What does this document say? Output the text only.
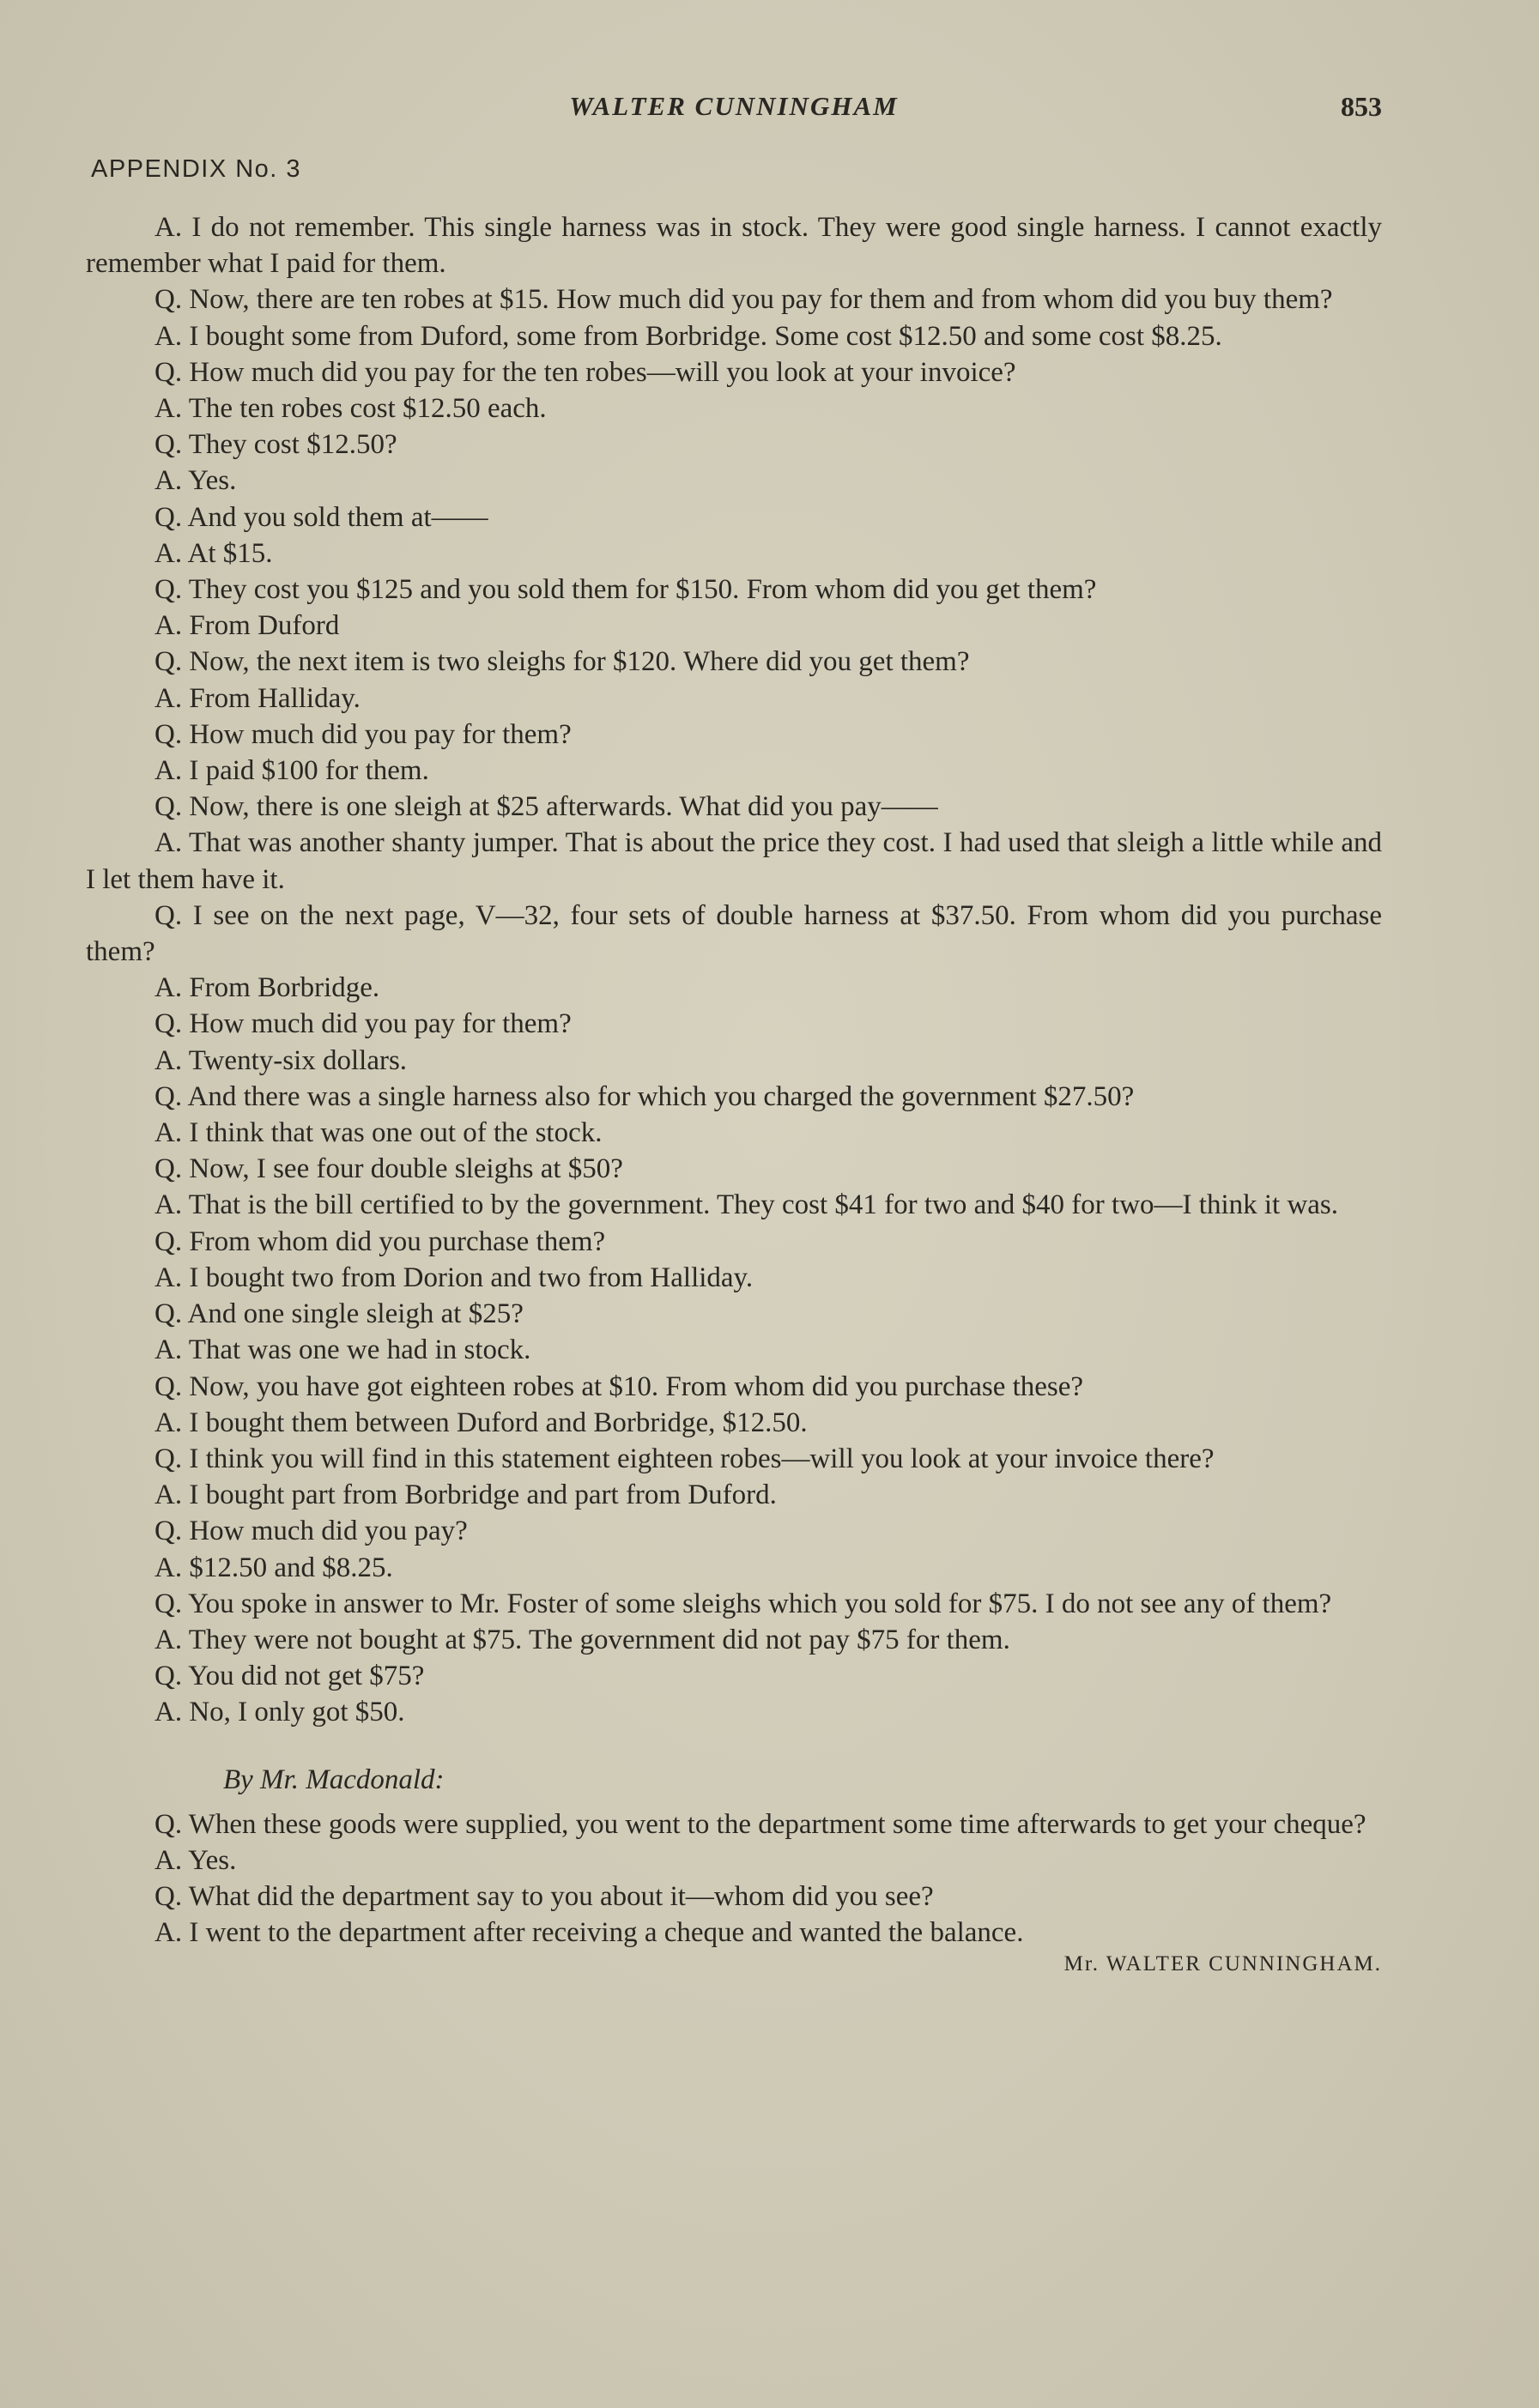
WALTER CUNNINGHAM	853
APPENDIX No. 3

A. I do not remember. This single harness was in stock. They were good single harness. I cannot exactly remember what I paid for them.

Q. Now, there are ten robes at $15. How much did you pay for them and from whom did you buy them?

A. I bought some from Duford, some from Borbridge. Some cost $12.50 and some cost $8.25.

Q. How much did you pay for the ten robes—will you look at your invoice?

A. The ten robes cost $12.50 each.

Q. They cost $12.50?

A. Yes.

Q. And you sold them at——

A. At $15.

Q. They cost you $125 and you sold them for $150. From whom did you get them?

A. From Duford

Q. Now, the next item is two sleighs for $120. Where did you get them?

A. From Halliday.

Q. How much did you pay for them?

A. I paid $100 for them.

Q. Now, there is one sleigh at $25 afterwards. What did you pay——

A. That was another shanty jumper. That is about the price they cost. I had used that sleigh a little while and I let them have it.

Q. I see on the next page, V—32, four sets of double harness at $37.50. From whom did you purchase them?

A. From Borbridge.

Q. How much did you pay for them?

A. Twenty-six dollars.

Q. And there was a single harness also for which you charged the government $27.50?

A. I think that was one out of the stock.

Q. Now, I see four double sleighs at $50?

A. That is the bill certified to by the government. They cost $41 for two and $40 for two—I think it was.

Q. From whom did you purchase them?

A. I bought two from Dorion and two from Halliday.

Q. And one single sleigh at $25?

A. That was one we had in stock.

Q. Now, you have got eighteen robes at $10. From whom did you purchase these?

A. I bought them between Duford and Borbridge, $12.50.

Q. I think you will find in this statement eighteen robes—will you look at your invoice there?

A. I bought part from Borbridge and part from Duford.

Q. How much did you pay?

A. $12.50 and $8.25.

Q. You spoke in answer to Mr. Foster of some sleighs which you sold for $75. I do not see any of them?

A. They were not bought at $75. The government did not pay $75 for them.

Q. You did not get $75?

A. No, I only got $50.

By Mr. Macdonald:

Q. When these goods were supplied, you went to the department some time afterwards to get your cheque?

A. Yes.

Q. What did the department say to you about it—whom did you see?

A. I went to the department after receiving a cheque and wanted the balance.

Mr. WALTER CUNNINGHAM.
